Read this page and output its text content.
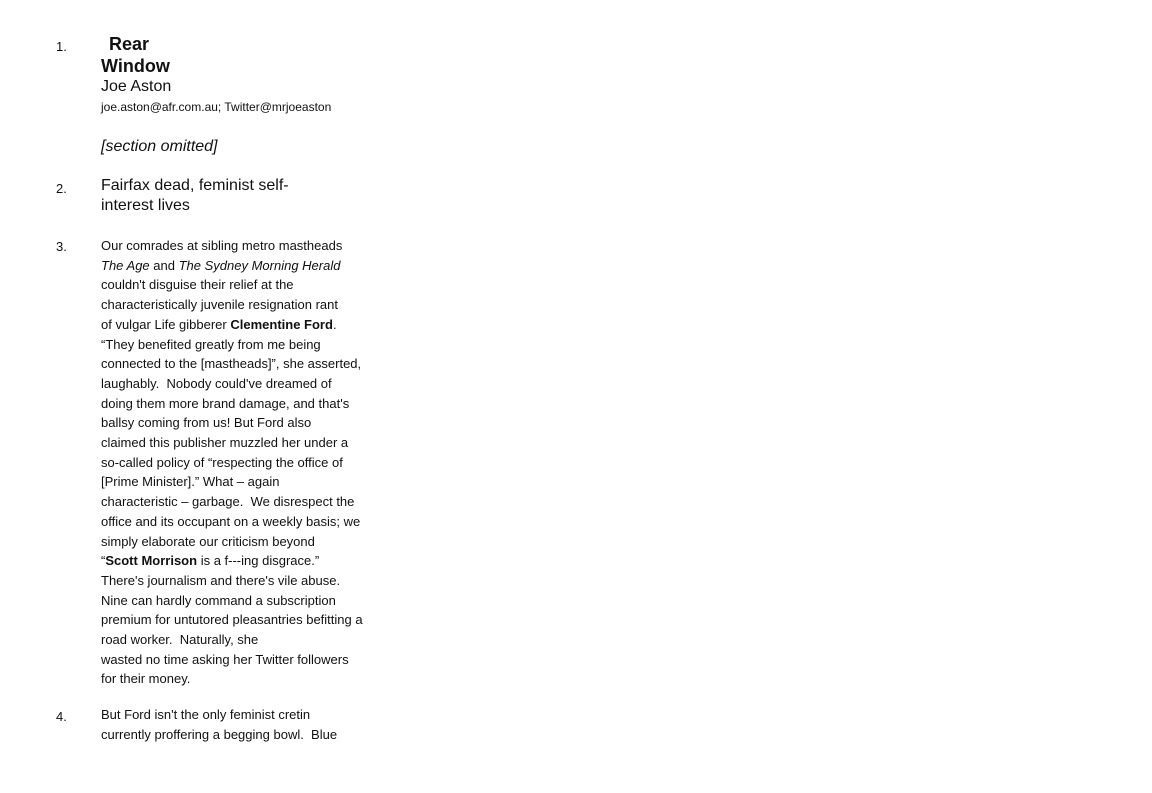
1.	Rear
Window
Joe Aston
joe.aston@afr.com.au; Twitter@mrjoeaston
[section omitted]
2.	Fairfax dead, feminist self-
interest lives
3.	Our comrades at sibling metro mastheads
The Age and The Sydney Morning Herald
couldn't disguise their relief at the
characteristically juvenile resignation rant
of vulgar Life gibberer Clementine Ford.
“They benefited greatly from me being
connected to the [mastheads]”, she asserted,
laughably.  Nobody could've dreamed of
doing them more brand damage, and that's
ballsy coming from us! But Ford also
claimed this publisher muzzled her under a
so-called policy of “respecting the office of
[Prime Minister].” What – again
characteristic – garbage.  We disrespect the
office and its occupant on a weekly basis; we
simply elaborate our criticism beyond
“Scott Morrison is a f---ing disgrace.”
There's journalism and there's vile abuse.
Nine can hardly command a subscription
premium for untutored pleasantries befitting a
road worker.  Naturally, she
wasted no time asking her Twitter followers
for their money.
4.	But Ford isn't the only feminist cretin
currently proffering a begging bowl.  Blue
